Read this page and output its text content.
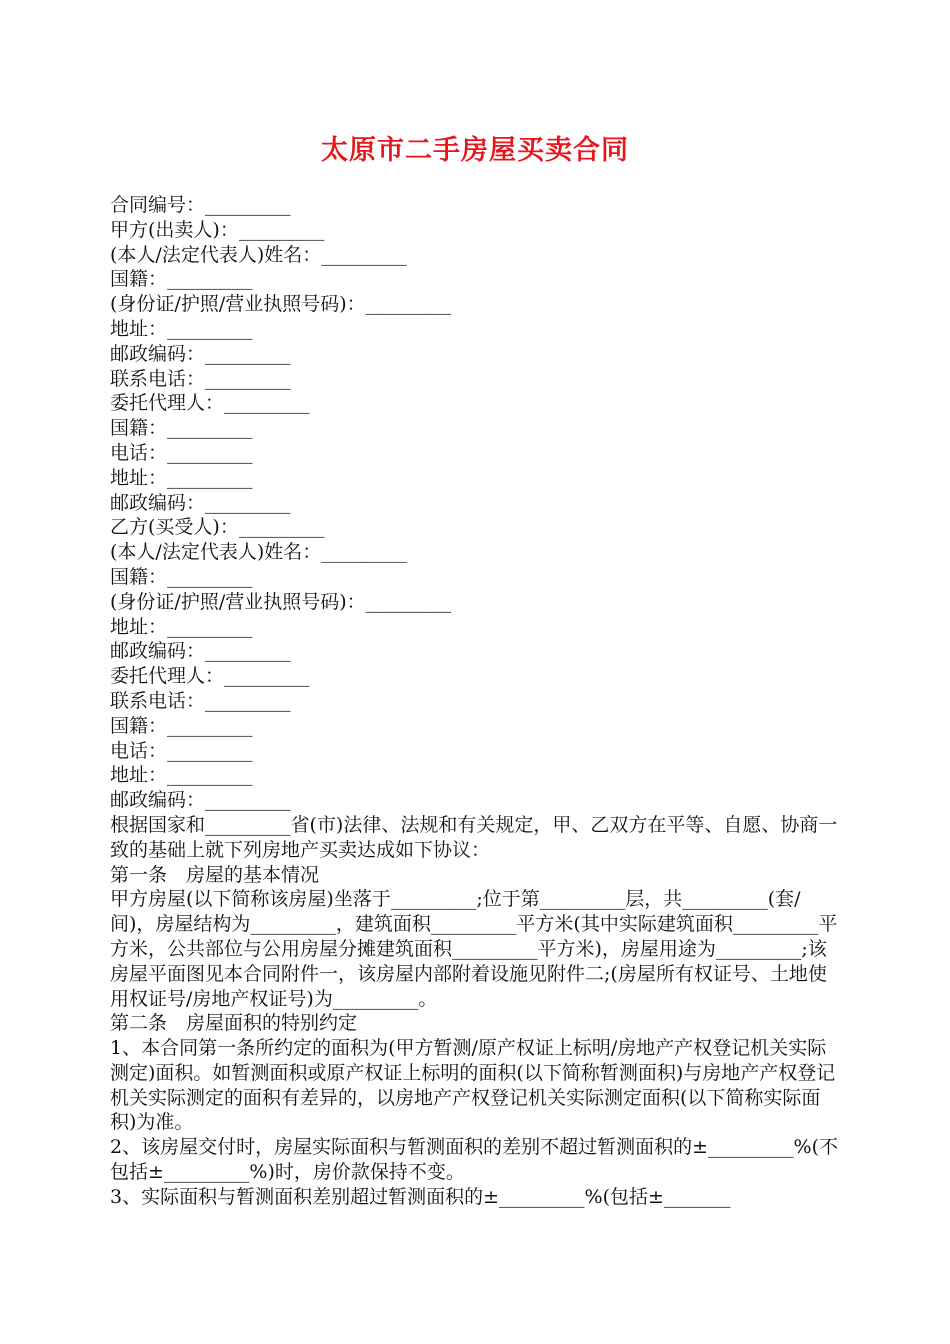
太原市二手房屋买卖合同
合同编号：_________
甲方(出卖人)：_________
(本人/法定代表人)姓名：_________
国籍：_________
(身份证/护照/营业执照号码)：_________
地址：_________
邮政编码：_________
联系电话：_________
委托代理人：_________
国籍：_________
电话：_________
地址：_________
邮政编码：_________
乙方(买受人)：_________
(本人/法定代表人)姓名：_________
国籍：_________
(身份证/护照/营业执照号码)：_________
地址：_________
邮政编码：_________
委托代理人：_________
联系电话：_________
国籍：_________
电话：_________
地址：_________
邮政编码：_________
根据国家和_________省(市)法律、法规和有关规定，甲、乙双方在平等、自愿、协商一致的基础上就下列房地产买卖达成如下协议：
第一条　房屋的基本情况
甲方房屋(以下简称该房屋)坐落于_________;位于第_________层，共_________(套/间)，房屋结构为_________，建筑面积_________平方米(其中实际建筑面积_________平方米，公共部位与公用房屋分摊建筑面积_________平方米)，房屋用途为_________;该房屋平面图见本合同附件一，该房屋内部附着设施见附件二;(房屋所有权证号、土地使用权证号/房地产权证号)为_________。
第二条　房屋面积的特别约定
1、本合同第一条所约定的面积为(甲方暂测/原产权证上标明/房地产产权登记机关实际测定)面积。如暂测面积或原产权证上标明的面积(以下简称暂测面积)与房地产产权登记机关实际测定的面积有差异的，以房地产产权登记机关实际测定面积(以下简称实际面积)为准。
2、该房屋交付时，房屋实际面积与暂测面积的差别不超过暂测面积的±_________%(不包括±_________%)时，房价款保持不变。
3、实际面积与暂测面积差别超过暂测面积的±_________%(包括±_______
